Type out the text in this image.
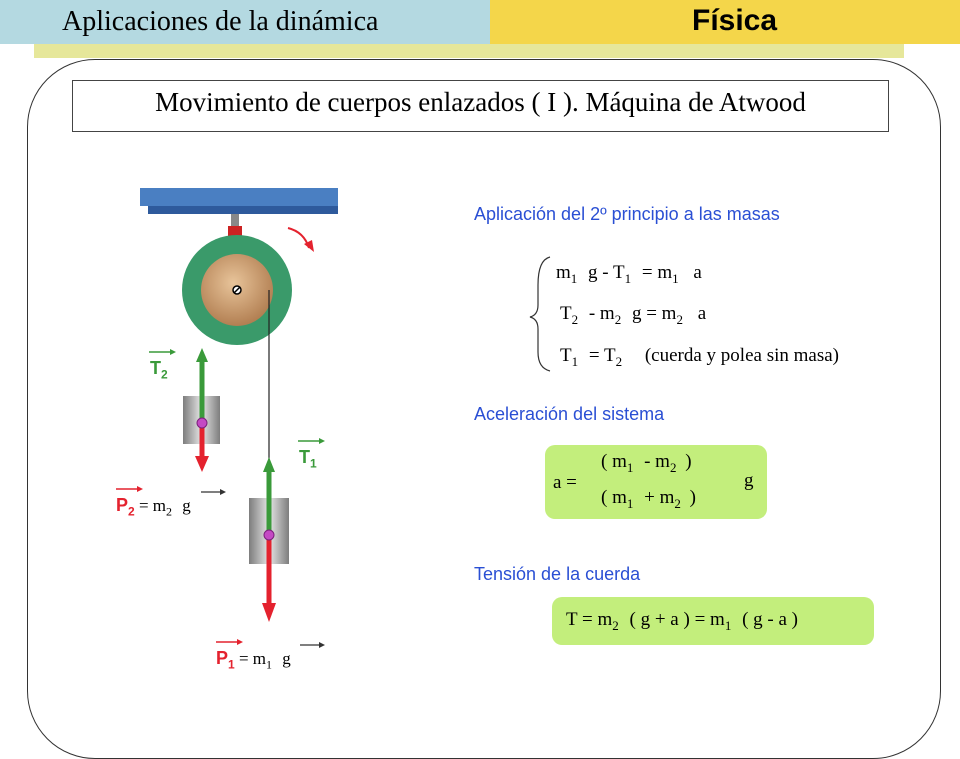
Aplicaciones de la dinámica	Física
Movimiento de cuerpos enlazados ( I ). Máquina de Atwood
$T_2$
$T_1$
$P_2 = m_2$ g
$P_1 = m_1$ g
Aplicación del 2º principio a las masas
$m_1$ $g - T_1 = m_1$ a
$T_2 - m_2$ $g = m_2$ a
$T_1 = T_2$ (cuerda y polea sin masa)
Aceleración del sistema
a =
( $m_1 - m_2$ )
( $m_1 + m_2$ )
g
Tensión de la cuerda
$T = m_2$ ( g + a ) = $m_1$ ( g - a )
